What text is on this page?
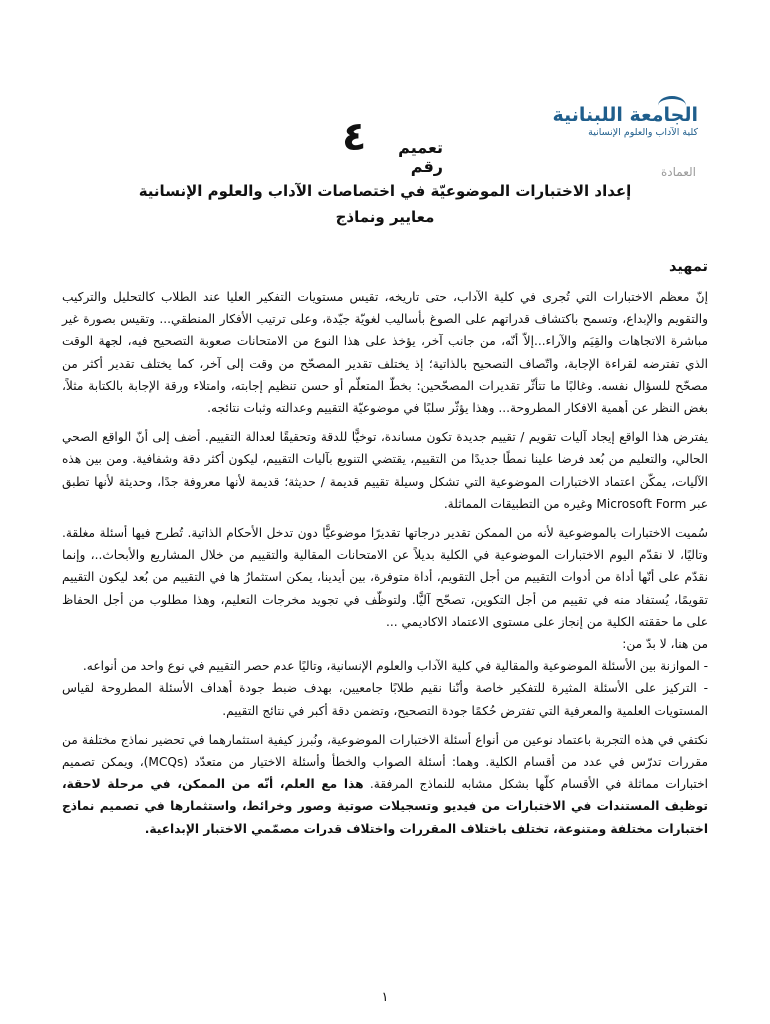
الجامعة اللبنانية
كلية الآداب والعلوم الإنسانية
العمادة
٤	تعميم رقم
إعداد الاختبارات الموضوعيّة في اختصاصات الآداب والعلوم الإنسانية
معايير ونماذج
تمهيد

إنّ معظم الاختبارات التي تُجرى في كلية الآداب، حتى تاريخه، تقيس مستويات التفكير العليا عند الطلاب كالتحليل والتركيب والتقويم والإبداع، وتسمح باكتشاف قدراتهم على الصوغ بأساليب لغويّة جيّدة، وعلى ترتيب الأفكار المنطقي... وتقيس بصورة غير مباشرة الاتجاهات والقِيَم والآراء...إلاّ أنّه، من جانب آخر، يؤخذ على هذا النوع من الامتحانات صعوبة التصحيح فيه، لجهة الوقت الذي تفترضه لقراءة الإجابة، واتّصاف التصحيح بالذاتية؛ إذ يختلف تقدير المصحّح من وقت إلى آخر، كما يختلف تقدير أكثر من مصحّح للسؤال نفسه. وغالبًا ما تتأثّر تقديرات المصحّحين: بخطّ المتعلّم أو حسن تنظيم إجابته، وامتلاء ورقة الإجابة بالكتابة مثلاً، بغض النظر عن أهمية الافكار المطروحة... وهذا يؤثّر سلبًا في موضوعيّة التقييم وعدالته وثبات نتائجه.

يفترض هذا الواقع إيجاد آليات تقويم / تقييم جديدة تكون مساندة، توخيًّا للدقة وتحقيقًا لعدالة التقييم. أضف إلى أنّ الواقع الصحي الحالي، والتعليم من بُعد فرضا علينا نمطًا جديدًا من التقييم، يقتضي التنويع بآليات التقييم، ليكون أكثر دقة وشفافية. ومن بين هذه الآليات، يمكّن اعتماد الاختبارات الموضوعية التي تشكل وسيلة تقييم قديمة / حديثة؛ قديمة لأنها معروفة جدًا، وحديثة لأنها تطبق عبر Microsoft Form وغيره من التطبيقات المماثلة.

سُميت الاختبارات بالموضوعية لأنه من الممكن تقدير درجاتها تقديرًا موضوعيًّا دون تدخل الأحكام الذاتية. تُطرح فيها أسئلة مغلقة. وتاليًا، لا نقدّم اليوم الاختبارات الموضوعية في الكلية بديلاً عن الامتحانات المقالية والتقييم من خلال المشاريع والأبحاث..، وإنما نقدّم على أنّها أداة من أدوات التقييم من أجل التقويم، أداة متوفرة، بين أيدينا، يمكن استثمارُ ها في التقييم من بُعد ليكون التقييم تقويمًا، يُستفاد منه في تقييم من أجل التكوين، تصحّح آليًّا. ولتوظّف في تجويد مخرجات التعليم، وهذا مطلوب من أجل الحفاظ على ما حققته الكلية من إنجاز على مستوى الاعتماد الاكاديمي ...

من هنا، لا بدّ من:

- الموازنة بين الأسئلة الموضوعية والمقالية في كلية الآداب والعلوم الإنسانية، وتاليًا عدم حصر التقييم في نوع واحد من أنواعه.

- التركيز على الأسئلة المثيرة للتفكير خاصة وأنّنا نقيم طلابًا جامعيين، بهدف ضبط جودة أهداف الأسئلة المطروحة لقياس المستويات العلمية والمعرفية التي تفترض حُكمًا جودة التصحيح، وتضمن دقة أكبر في نتائج التقييم.

نكتفي في هذه التجربة باعتماد نوعين من أنواع أسئلة الاختبارات الموضوعية، ونُبرز كيفية استثمارهما في تحضير نماذج مختلفة من مقررات تدرّس في عدد من أقسام الكلية. وهما: أسئلة الصواب والخطأ وأسئلة الاختيار من متعدّد (MCQs)، ويمكن تصميم اختبارات مماثلة في الأقسام كلّها بشكل مشابه للنماذج المرفقة. هذا مع العلم، أنّه من الممكن، في مرحلة لاحقة، توظيف المستندات في الاختبارات من فيديو وتسجيلات صوتية وصور وخرائط، واستثمارها في تصميم نماذج اختبارات مختلفة ومتنوعة، تختلف باختلاف المقررات واختلاف قدرات مصمّمي الاختبار الإبداعية.

١
